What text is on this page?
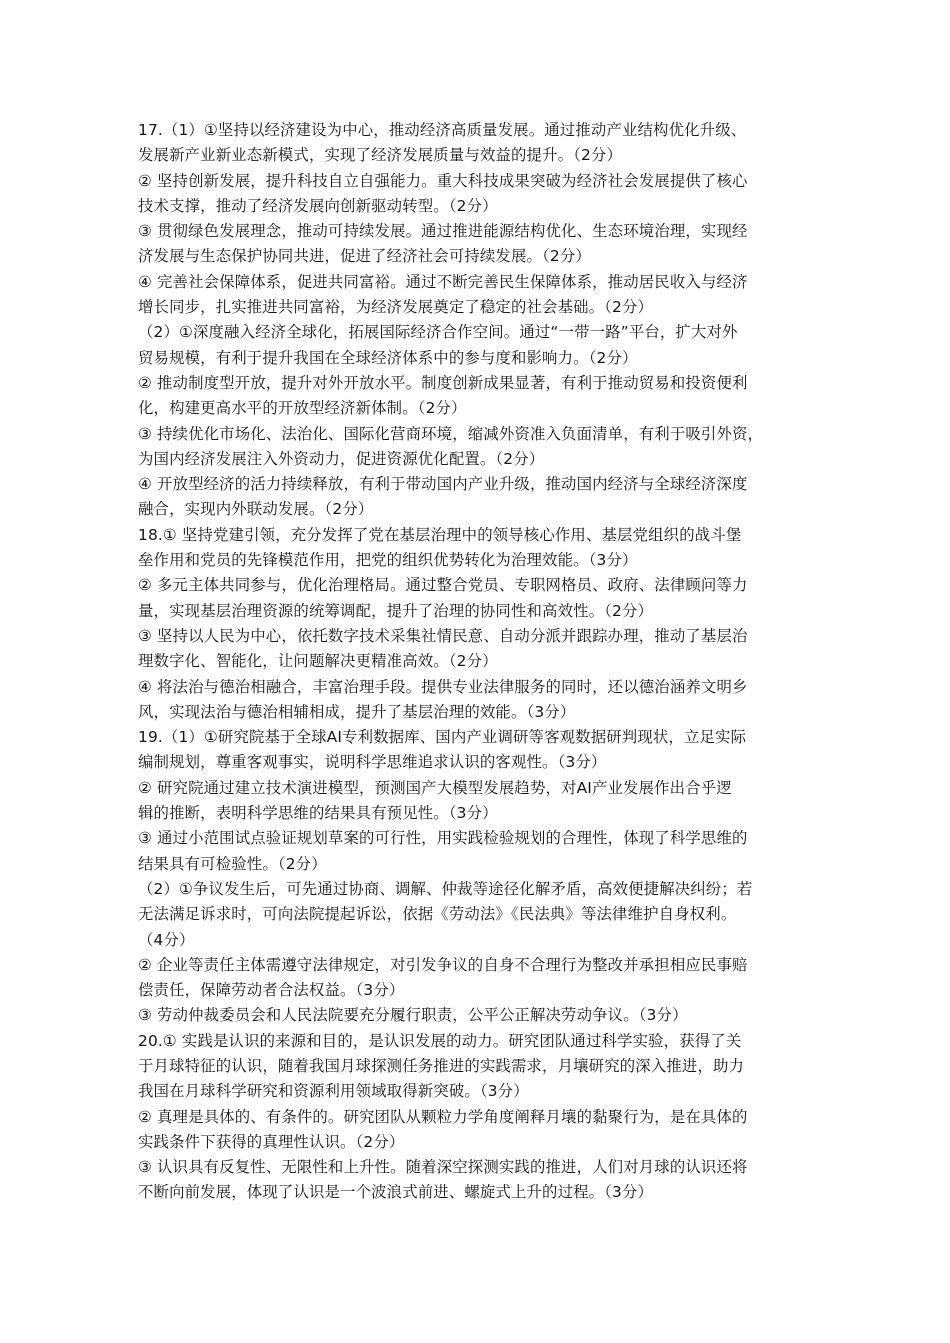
17.（1）①坚持以经济建设为中心，推动经济高质量发展。通过推动产业结构优化升级、
发展新产业新业态新模式，实现了经济发展质量与效益的提升。（2分）
② 坚持创新发展，提升科技自立自强能力。重大科技成果突破为经济社会发展提供了核心
技术支撑，推动了经济发展向创新驱动转型。（2分）
③ 贯彻绿色发展理念，推动可持续发展。通过推进能源结构优化、生态环境治理，实现经
济发展与生态保护协同共进，促进了经济社会可持续发展。（2分）
④ 完善社会保障体系，促进共同富裕。通过不断完善民生保障体系，推动居民收入与经济
增长同步，扎实推进共同富裕，为经济发展奠定了稳定的社会基础。（2分）
（2）①深度融入经济全球化，拓展国际经济合作空间。通过“一带一路”平台，扩大对外
贸易规模，有利于提升我国在全球经济体系中的参与度和影响力。（2分）
② 推动制度型开放，提升对外开放水平。制度创新成果显著，有利于推动贸易和投资便利
化，构建更高水平的开放型经济新体制。（2分）
③ 持续优化市场化、法治化、国际化营商环境，缩减外资准入负面清单，有利于吸引外资，
为国内经济发展注入外资动力，促进资源优化配置。（2分）
④ 开放型经济的活力持续释放，有利于带动国内产业升级，推动国内经济与全球经济深度
融合，实现内外联动发展。（2分）
18.① 坚持党建引领，充分发挥了党在基层治理中的领导核心作用、基层党组织的战斗堡
垒作用和党员的先锋模范作用，把党的组织优势转化为治理效能。（3分）
② 多元主体共同参与，优化治理格局。通过整合党员、专职网格员、政府、法律顾问等力
量，实现基层治理资源的统筹调配，提升了治理的协同性和高效性。（2分）
③ 坚持以人民为中心，依托数字技术采集社情民意、自动分派并跟踪办理，推动了基层治
理数字化、智能化，让问题解决更精准高效。（2分）
④ 将法治与德治相融合，丰富治理手段。提供专业法律服务的同时，还以德治涵养文明乡
风，实现法治与德治相辅相成，提升了基层治理的效能。（3分）
19.（1）①研究院基于全球AI专利数据库、国内产业调研等客观数据研判现状，立足实际
编制规划，尊重客观事实，说明科学思维追求认识的客观性。（3分）
② 研究院通过建立技术演进模型，预测国产大模型发展趋势，对AI产业发展作出合乎逻
辑的推断，表明科学思维的结果具有预见性。（3分）
③ 通过小范围试点验证规划草案的可行性，用实践检验规划的合理性，体现了科学思维的
结果具有可检验性。（2分）
（2）①争议发生后，可先通过协商、调解、仲裁等途径化解矛盾，高效便捷解决纠纷；若
无法满足诉求时，可向法院提起诉讼，依据《劳动法》《民法典》等法律维护自身权利。
（4分）
② 企业等责任主体需遵守法律规定，对引发争议的自身不合理行为整改并承担相应民事赔
偿责任，保障劳动者合法权益。（3分）
③ 劳动仲裁委员会和人民法院要充分履行职责，公平公正解决劳动争议。（3分）
20.① 实践是认识的来源和目的，是认识发展的动力。研究团队通过科学实验，获得了关
于月球特征的认识，随着我国月球探测任务推进的实践需求，月壤研究的深入推进，助力
我国在月球科学研究和资源利用领域取得新突破。（3分）
② 真理是具体的、有条件的。研究团队从颗粒力学角度阐释月壤的黏聚行为，是在具体的
实践条件下获得的真理性认识。（2分）
③ 认识具有反复性、无限性和上升性。随着深空探测实践的推进，人们对月球的认识还将
不断向前发展，体现了认识是一个波浪式前进、螺旋式上升的过程。（3分）
